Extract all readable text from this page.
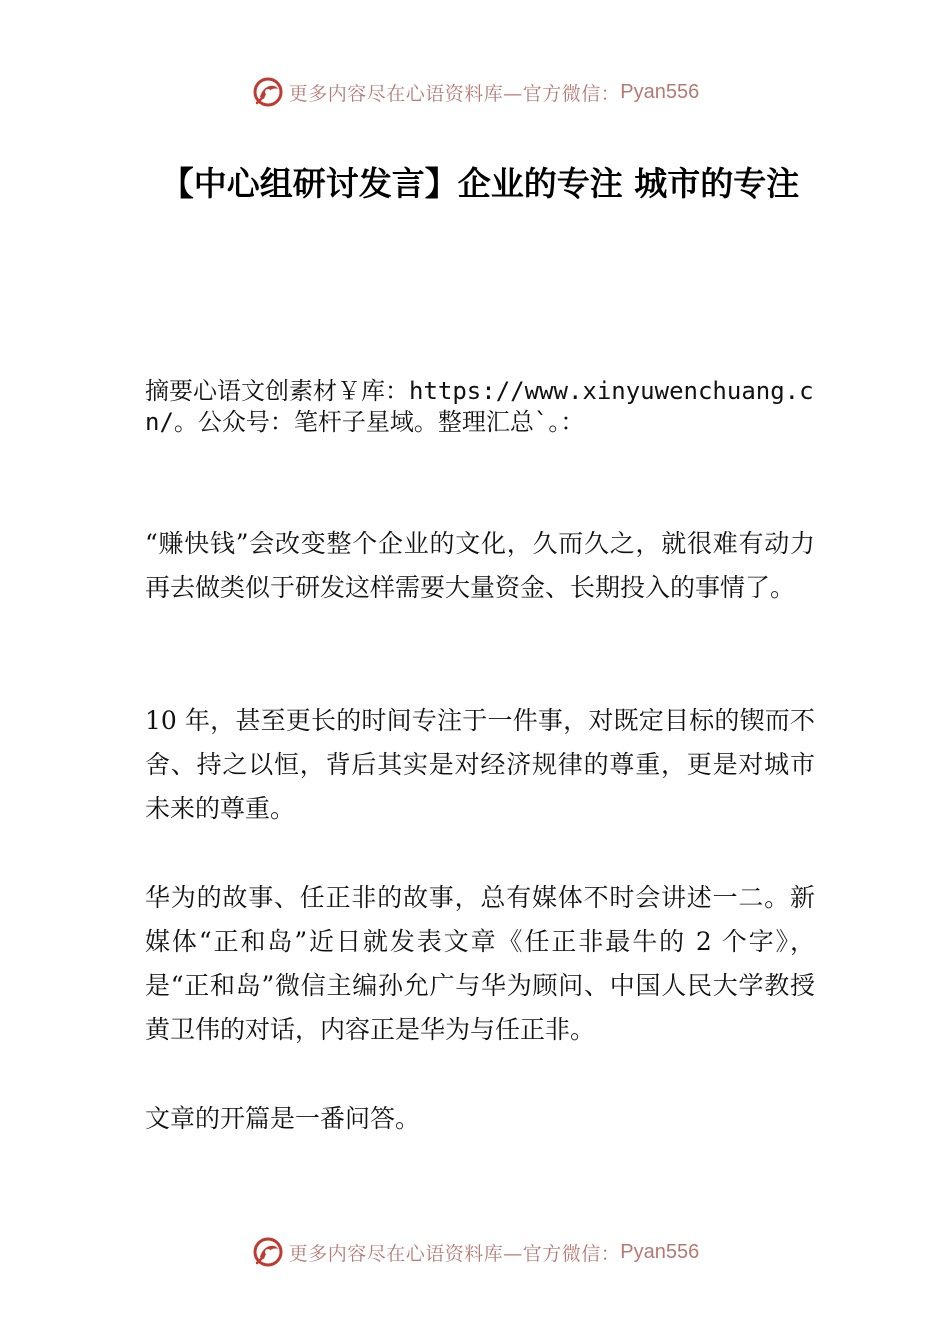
更多内容尽在心语资料库—官方微信： Pyan556
【中心组研讨发言】企业的专注 城市的专注

摘要心语文创素材￥库：https://www.xinyuwenchuang.cn/。公众号：笔杆子星域。整理汇总`。：

“赚快钱”会改变整个企业的文化，久而久之，就很难有动力再去做类似于研发这样需要大量资金、长期投入的事情了。

10 年，甚至更长的时间专注于一件事，对既定目标的锲而不舍、持之以恒，背后其实是对经济规律的尊重，更是对城市未来的尊重。

华为的故事、任正非的故事，总有媒体不时会讲述一二。新媒体“正和岛”近日就发表文章《任正非最牛的 2 个字》，是“正和岛”微信主编孙允广与华为顾问、中国人民大学教授黄卫伟的对话，内容正是华为与任正非。

文章的开篇是一番问答。

更多内容尽在心语资料库—官方微信： Pyan556
